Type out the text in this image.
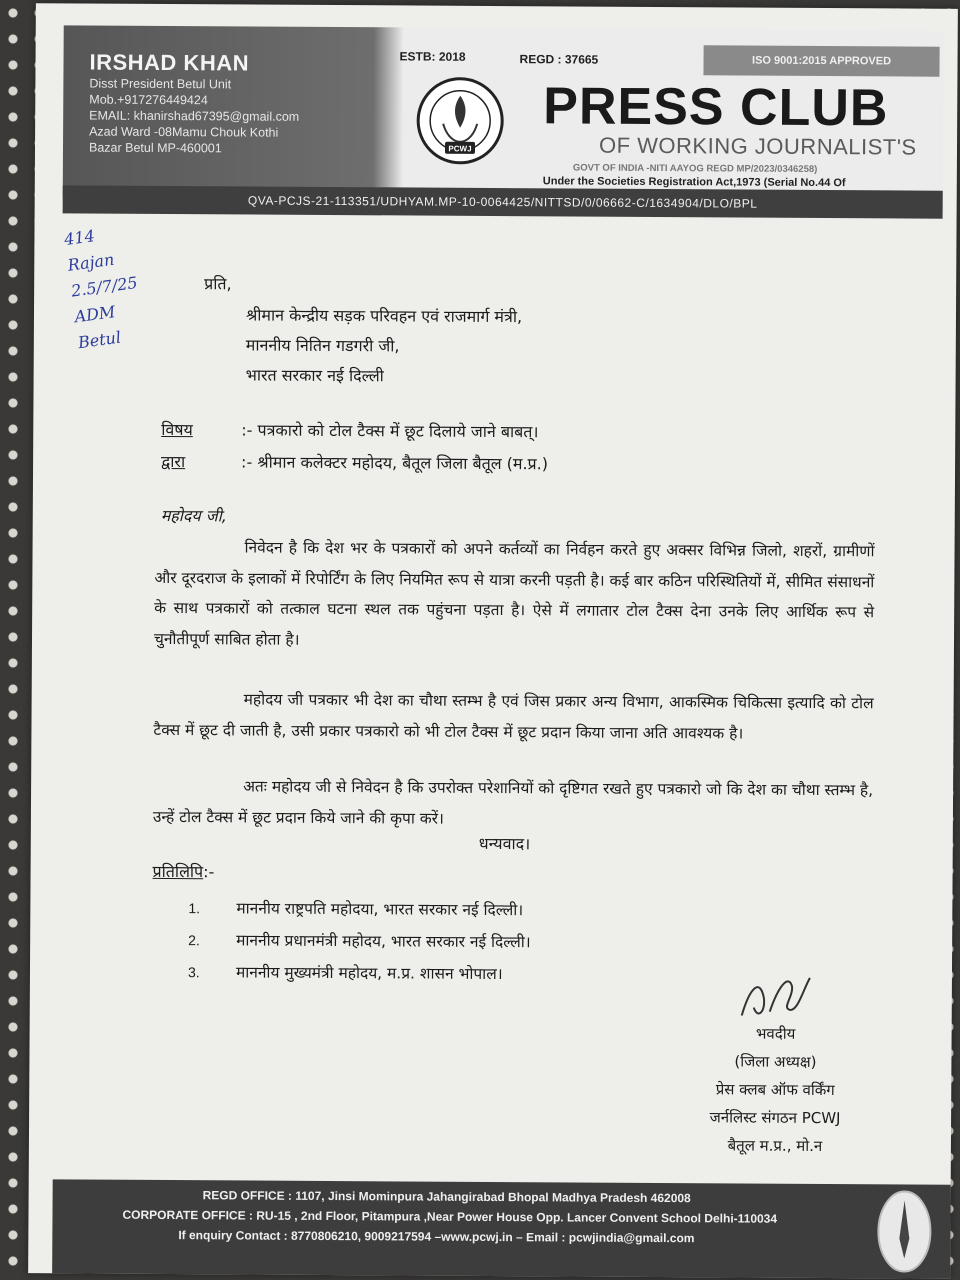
IRSHAD KHAN
Disst President Betul Unit
Mob.+917276449424
EMAIL: khanirshad67395@gmail.com
Azad Ward -08Mamu Chouk Kothi
Bazar Betul MP-460001
ESTB: 2018	REGD : 37665	ISO 9001:2015 APPROVED
PCWJ
PRESS CLUB
OF WORKING JOURNALIST'S
GOVT OF INDIA -NITI AAYOG REGD MP/2023/0346258)
Under the Societies Registration Act,1973 (Serial No.44 Of
QVA-PCJS-21-113351/UDHYAM.MP-10-0064425/NITTSD/0/06662-C/1634904/DLO/BPL
414
Rajan
2.5/7/25
ADM
Betul
प्रति,
श्रीमान केन्द्रीय सड़क परिवहन एवं राजमार्ग मंत्री,
माननीय नितिन गडगरी जी,
भारत सरकार नई दिल्ली
विषय	:- पत्रकारो को टोल टैक्स में छूट दिलाये जाने बाबत्।
द्वारा	:- श्रीमान कलेक्टर महोदय, बैतूल जिला बैतूल (म.प्र.)
महोदय जी,
निवेदन है कि देश भर के पत्रकारों को अपने कर्तव्यों का निर्वहन करते हुए अक्सर विभिन्न जिलो, शहरों, ग्रामीणों और दूरदराज के इलाकों में रिपोर्टिंग के लिए नियमित रूप से यात्रा करनी पड़ती है। कई बार कठिन परिस्थितियों में, सीमित संसाधनों के साथ पत्रकारों को तत्काल घटना स्थल तक पहुंचना पड़ता है। ऐसे में लगातार टोल टैक्स देना उनके लिए आर्थिक रूप से चुनौतीपूर्ण साबित होता है।
महोदय जी पत्रकार भी देश का चौथा स्तम्भ है एवं जिस प्रकार अन्य विभाग, आकस्मिक चिकित्सा इत्यादि को टोल टैक्स में छूट दी जाती है, उसी प्रकार पत्रकारो को भी टोल टैक्स में छूट प्रदान किया जाना अति आवश्यक है।
अतः महोदय जी से निवेदन है कि उपरोक्त परेशानियों को दृष्टिगत रखते हुए पत्रकारो जो कि देश का चौथा स्तम्भ है, उन्हें टोल टैक्स में छूट प्रदान किये जाने की कृपा करें।
धन्यवाद।
प्रतिलिपि:-
1. माननीय राष्ट्रपति महोदया, भारत सरकार नई दिल्ली।
2. माननीय प्रधानमंत्री महोदय, भारत सरकार नई दिल्ली।
3. माननीय मुख्यमंत्री महोदय, म.प्र. शासन भोपाल।
भवदीय
(जिला अध्यक्ष)
प्रेस क्लब ऑफ वर्किंग
जर्नलिस्ट संगठन PCWJ
बैतूल म.प्र., मो.न
REGD OFFICE : 1107, Jinsi Mominpura Jahangirabad Bhopal Madhya Pradesh 462008
CORPORATE OFFICE : RU-15 , 2nd Floor, Pitampura ,Near Power House Opp. Lancer Convent School Delhi-110034
If enquiry Contact : 8770806210, 9009217594 –www.pcwj.in – Email : pcwjindia@gmail.com
